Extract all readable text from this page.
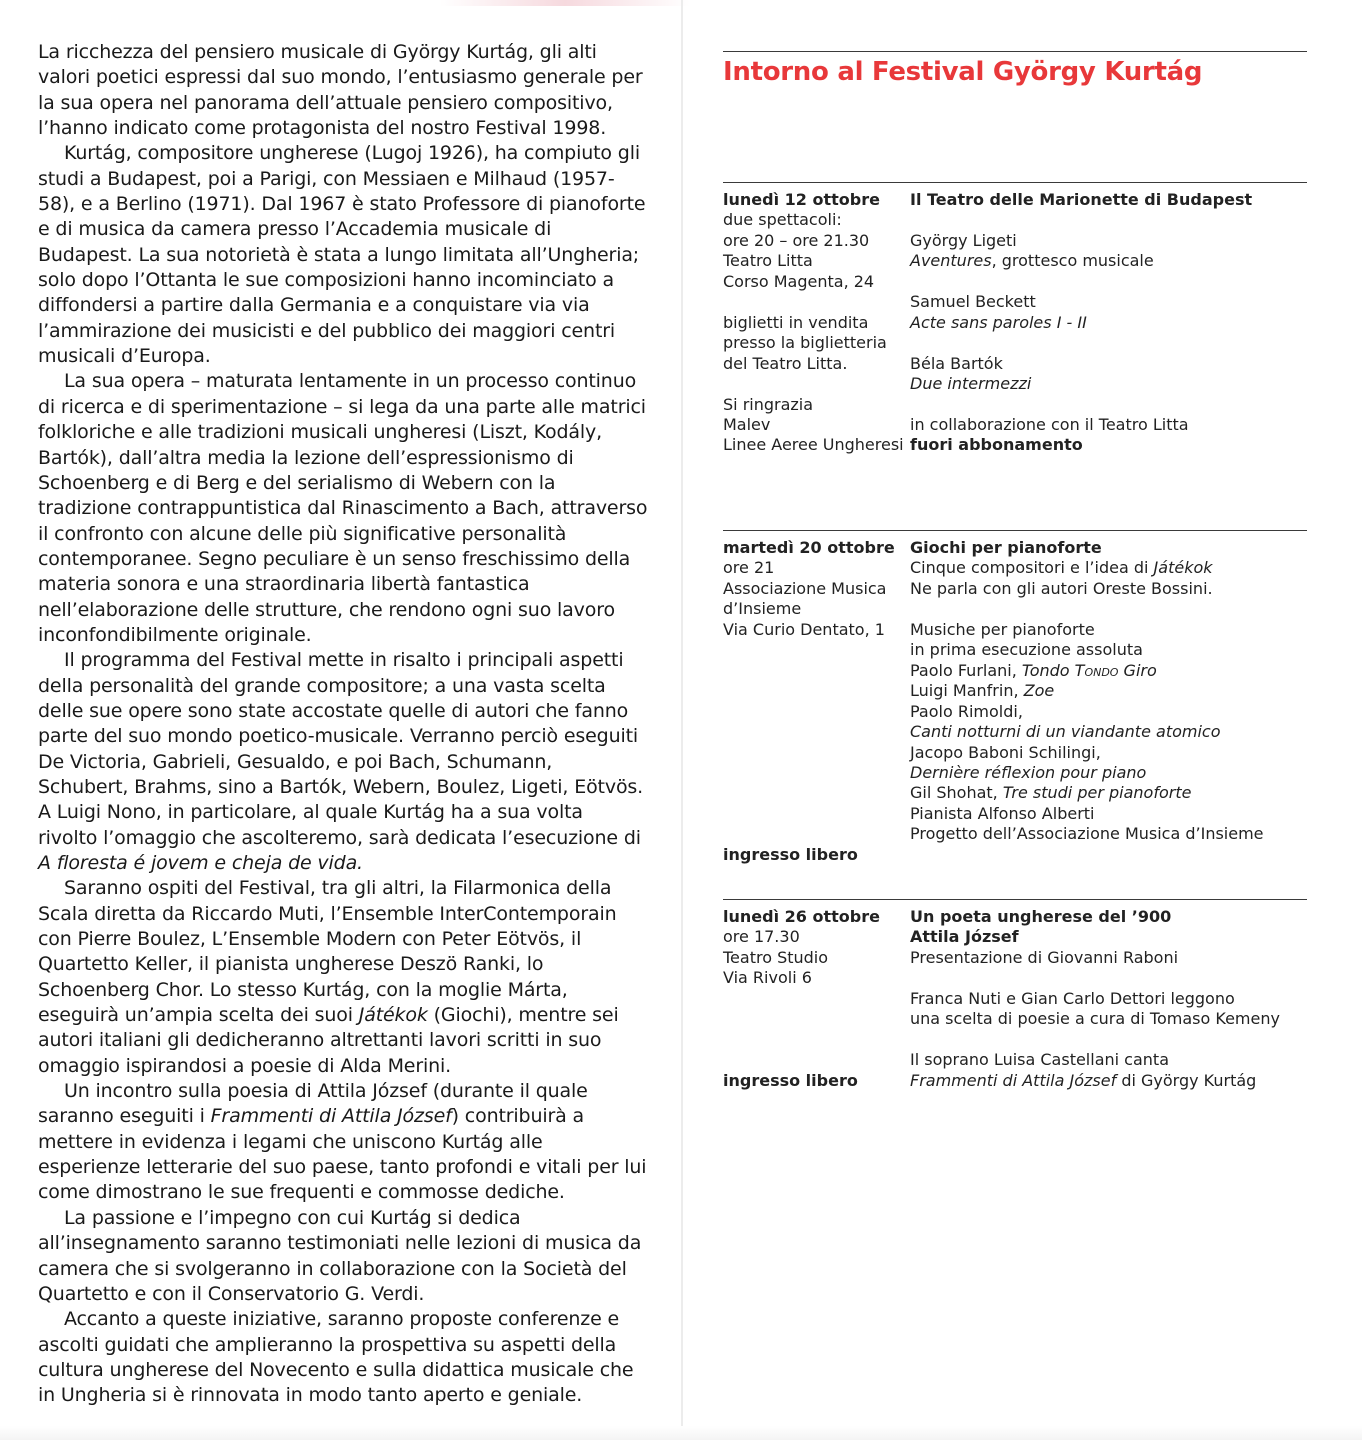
La ricchezza del pensiero musicale di György Kurtág, gli alti valori poetici espressi dal suo mondo, l’entusiasmo generale per la sua opera nel panorama dell’attuale pensiero compositivo, l’hanno indicato come protagonista del nostro Festival 1998.

Kurtág, compositore ungherese (Lugoj 1926), ha compiuto gli studi a Budapest, poi a Parigi, con Messiaen e Milhaud (1957-58), e a Berlino (1971). Dal 1967 è stato Professore di pianoforte e di musica da camera presso l’Accademia musicale di Budapest. La sua notorietà è stata a lungo limitata all’Ungheria; solo dopo l’Ottanta le sue composizioni hanno incominciato a diffondersi a partire dalla Germania e a conquistare via via l’ammirazione dei musicisti e del pubblico dei maggiori centri musicali d’Europa.

La sua opera – maturata lentamente in un processo continuo di ricerca e di sperimentazione – si lega da una parte alle matrici folkloriche e alle tradizioni musicali ungheresi (Liszt, Kodály, Bartók), dall’altra media la lezione dell’espressionismo di Schoenberg e di Berg e del serialismo di Webern con la tradizione contrappuntistica dal Rinascimento a Bach, attraverso il confronto con alcune delle più significative personalità contemporanee. Segno peculiare è un senso freschissimo della materia sonora e una straordinaria libertà fantastica nell’elaborazione delle strutture, che rendono ogni suo lavoro inconfondibilmente originale.

Il programma del Festival mette in risalto i principali aspetti della personalità del grande compositore; a una vasta scelta delle sue opere sono state accostate quelle di autori che fanno parte del suo mondo poetico-musicale. Verranno perciò eseguiti De Victoria, Gabrieli, Gesualdo, e poi Bach, Schumann, Schubert, Brahms, sino a Bartók, Webern, Boulez, Ligeti, Eötvös. A Luigi Nono, in particolare, al quale Kurtág ha a sua volta rivolto l’omaggio che ascolteremo, sarà dedicata l’esecuzione di
A floresta é jovem e cheja de vida.

Saranno ospiti del Festival, tra gli altri, la Filarmonica della Scala diretta da Riccardo Muti, l’Ensemble InterContemporain con Pierre Boulez, L’Ensemble Modern con Peter Eötvös, il Quartetto Keller, il pianista ungherese Deszö Ranki, lo Schoenberg Chor. Lo stesso Kurtág, con la moglie Márta, eseguirà un’ampia scelta dei suoi Játékok (Giochi), mentre sei autori italiani gli dedicheranno altrettanti lavori scritti in suo omaggio ispirandosi a poesie di Alda Merini.

Un incontro sulla poesia di Attila József (durante il quale saranno eseguiti i Frammenti di Attila József) contribuirà a mettere in evidenza i legami che uniscono Kurtág alle esperienze letterarie del suo paese, tanto profondi e vitali per lui come dimostrano le sue frequenti e commosse dediche.

La passione e l’impegno con cui Kurtág si dedica all’insegnamento saranno testimoniati nelle lezioni di musica da camera che si svolgeranno in collaborazione con la Società del Quartetto e con il Conservatorio G. Verdi.

Accanto a queste iniziative, saranno proposte conferenze e ascolti guidati che amplieranno la prospettiva su aspetti della cultura ungherese del Novecento e sulla didattica musicale che in Ungheria si è rinnovata in modo tanto aperto e geniale.

Intorno al Festival György Kurtág
lunedì 12 ottobre
due spettacoli:
ore 20 – ore 21.30
Teatro Litta
Corso Magenta, 24
biglietti in vendita
presso la biglietteria
del Teatro Litta.
Si ringrazia
Malev
Linee Aeree Ungheresi
Il Teatro delle Marionette di Budapest
György Ligeti
Aventures, grottesco musicale
Samuel Beckett
Acte sans paroles I - II
Béla Bartók
Due intermezzi
in collaborazione con il Teatro Litta
fuori abbonamento
martedì 20 ottobre
ore 21
Associazione Musica
d’Insieme
Via Curio Dentato, 1
ingresso libero
Giochi per pianoforte
Cinque compositori e l’idea di Játékok
Ne parla con gli autori Oreste Bossini.
Musiche per pianoforte
in prima esecuzione assoluta
Paolo Furlani, Tondo Tondo Giro
Luigi Manfrin, Zoe
Paolo Rimoldi,
Canti notturni di un viandante atomico
Jacopo Baboni Schilingi,
Dernière réflexion pour piano
Gil Shohat, Tre studi per pianoforte
Pianista Alfonso Alberti
Progetto dell’Associazione Musica d’Insieme
lunedì 26 ottobre
ore 17.30
Teatro Studio
Via Rivoli 6
ingresso libero
Un poeta ungherese del ’900
Attila József
Presentazione di Giovanni Raboni
Franca Nuti e Gian Carlo Dettori leggono
una scelta di poesie a cura di Tomaso Kemeny
Il soprano Luisa Castellani canta
Frammenti di Attila József di György Kurtág
